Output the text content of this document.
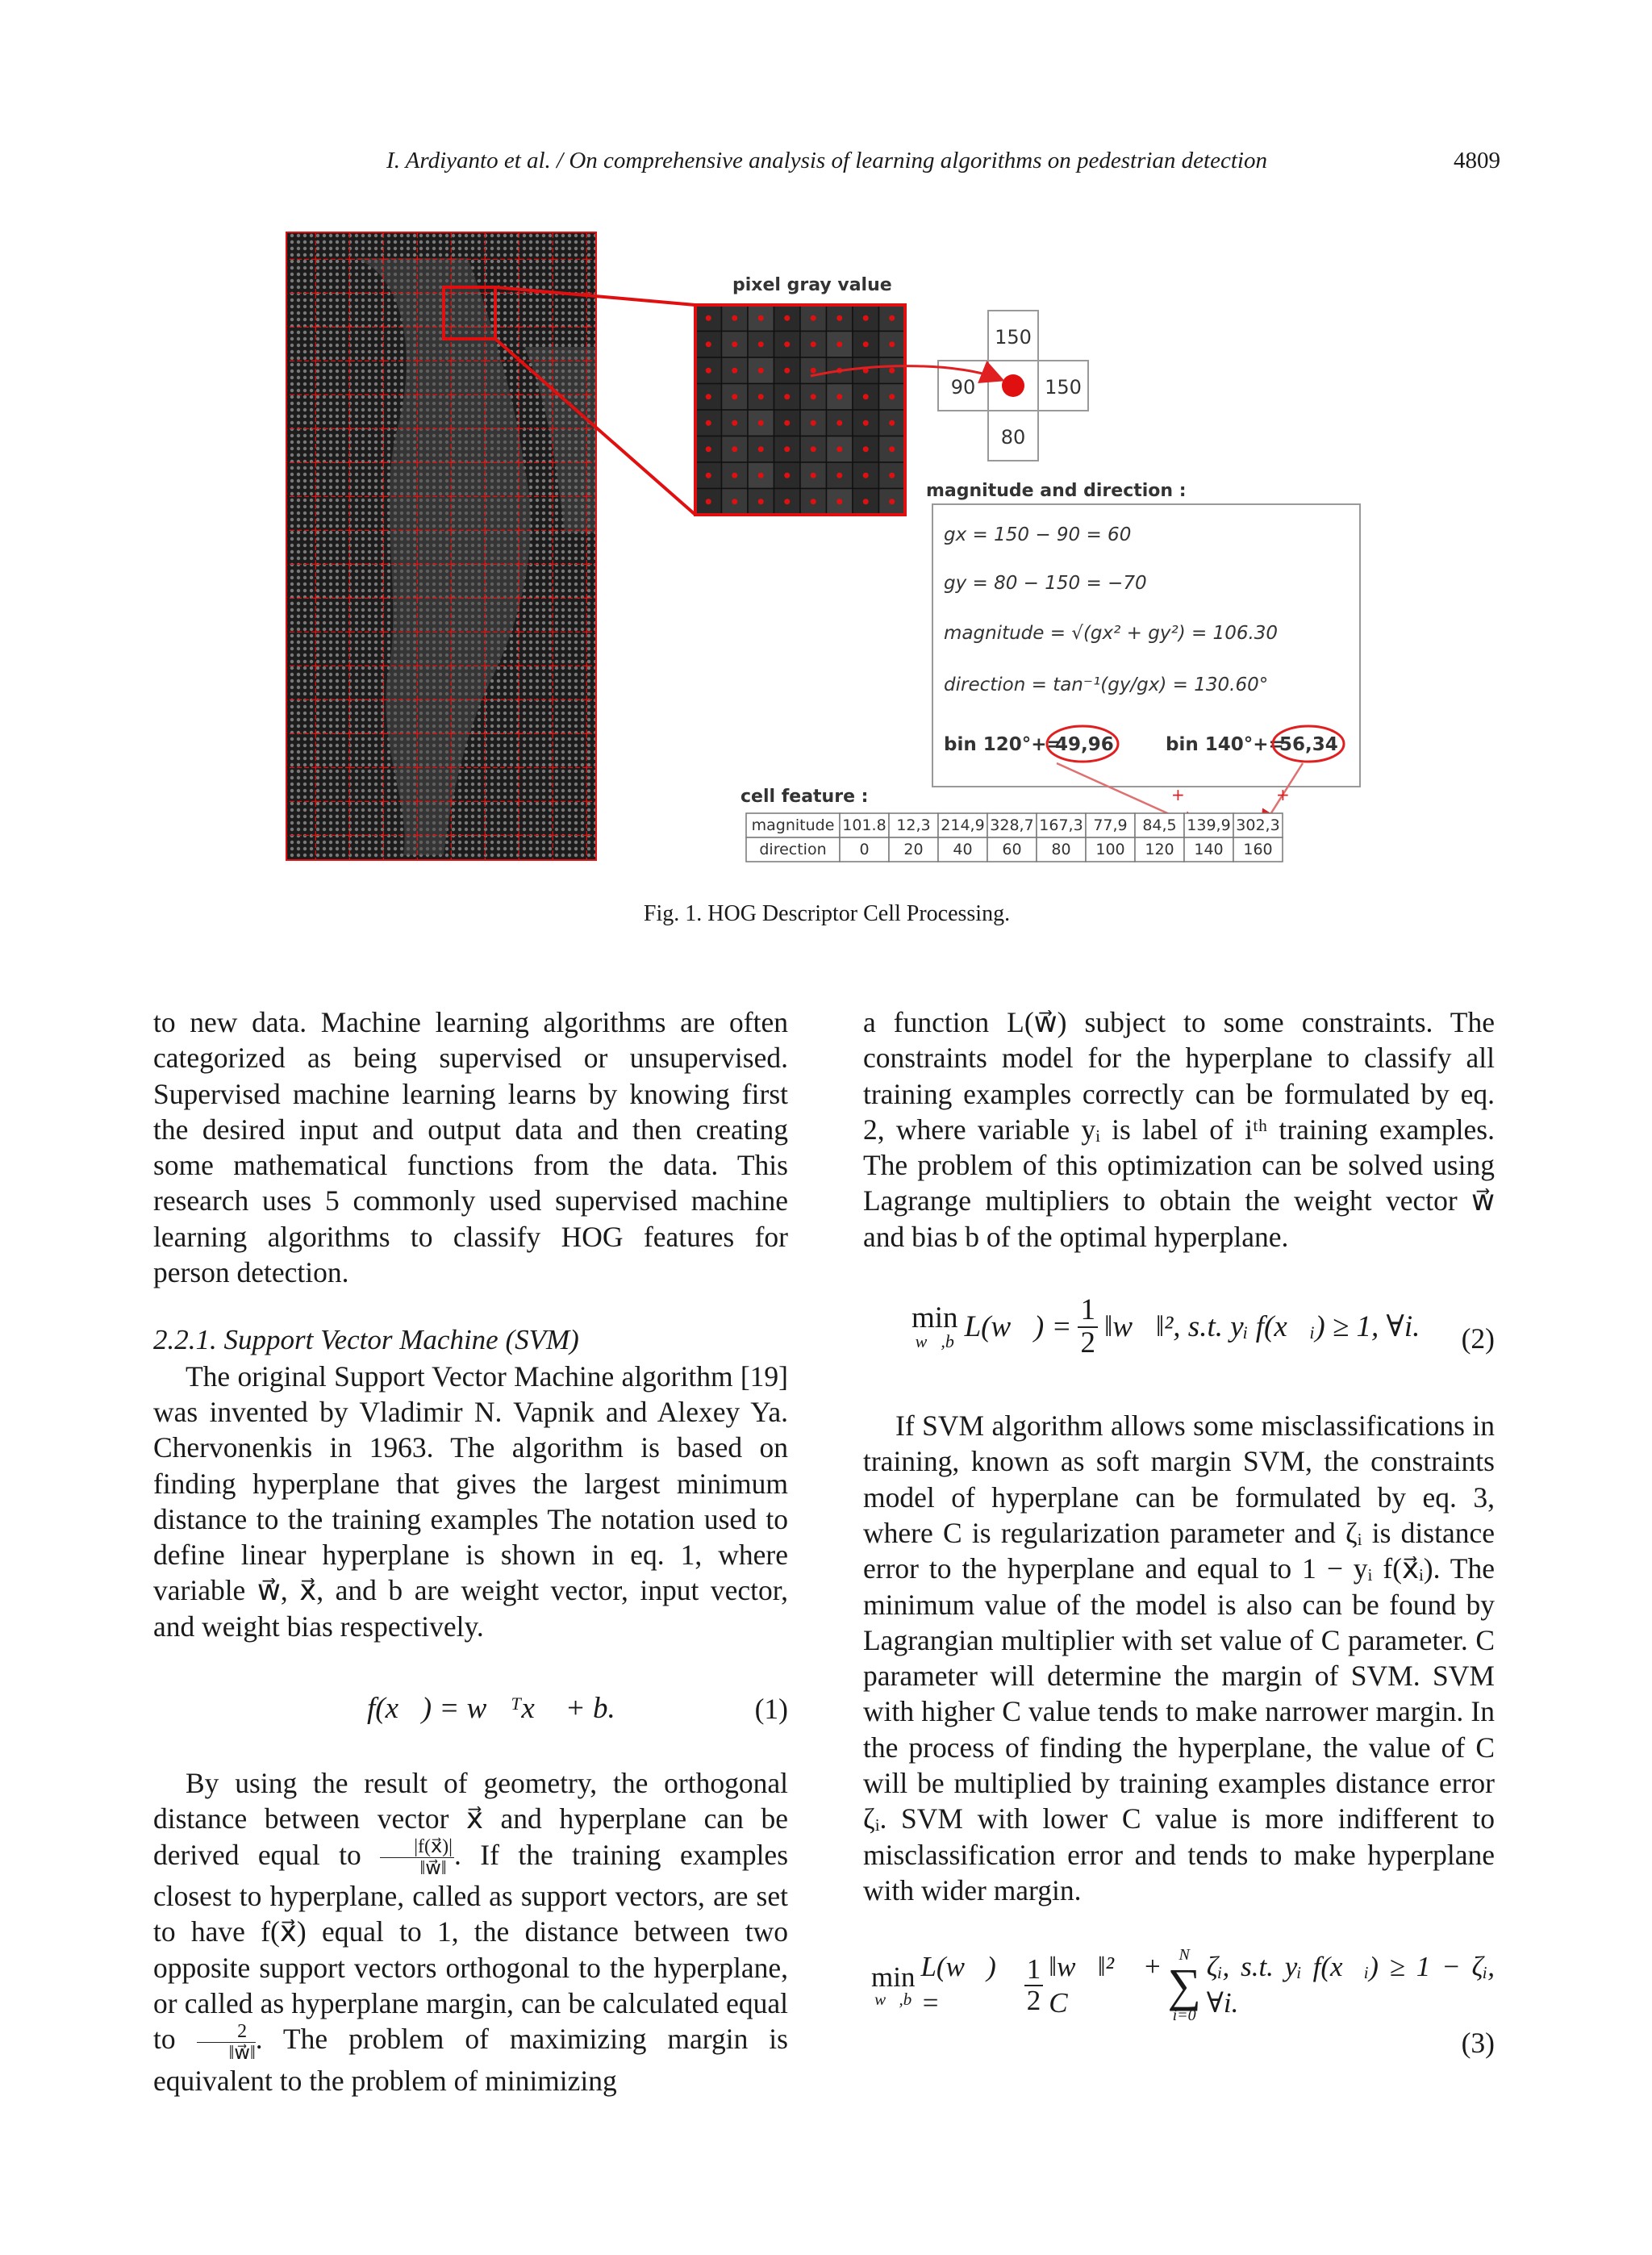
I. Ardiyanto et al. / On comprehensive analysis of learning algorithms on pedestrian detection	4809
pixel gray value
150
90	150
80
magnitude and direction :
gx = 150 − 90 = 60
gy = 80 − 150 = −70
magnitude = √(gx² + gy²) = 106.30
direction = tan⁻¹(gy/gx) = 130.60°
bin 120°+=
49,96	bin 140°+=
56,34
+	+
cell feature :
magnitude 101.8 12,3 214,9 328,7 167,3 77,9 84,5 139,9 302,3
direction 0 20 40 60 80 100 120 140 160
Fig. 1. HOG Descriptor Cell Processing.

to new data. Machine learning algorithms are often categorized as being supervised or unsupervised. Supervised machine learning learns by knowing first the desired input and output data and then creating some mathematical functions from the data. This research uses 5 commonly used supervised machine learning algorithms to classify HOG features for person detection.

2.2.1. Support Vector Machine (SVM)

The original Support Vector Machine algorithm [19] was invented by Vladimir N. Vapnik and Alexey Ya. Chervonenkis in 1963. The algorithm is based on finding hyperplane that gives the largest minimum distance to the training examples The notation used to define linear hyperplane is shown in eq. 1, where variable w⃗, x⃗, and b are weight vector, input vector, and weight bias respectively.

f(x⃗) = w⃗ᵀx⃗ + b.	(1)

By using the result of geometry, the orthogonal distance between vector x⃗ and hyperplane can be derived equal to $\frac{|f(x⃗)|}{‖w⃗‖}$ . If the training examples closest to hyperplane, called as support vectors, are set to have f(x⃗) equal to 1, the distance between two opposite support vectors orthogonal to the hyperplane, or called as hyperplane margin, can be calculated equal to $\frac{2}{‖w⃗‖}$ . The problem of maximizing margin is equivalent to the problem of minimizing

a function L(w⃗) subject to some constraints. The constraints model for the hyperplane to classify all training examples correctly can be formulated by eq. 2, where variable yᵢ is label of iᵗʰ training examples. The problem of this optimization can be solved using Lagrange multipliers to obtain the weight vector w⃗ and bias b of the optimal hyperplane.

min
w⃗,b L(w⃗) = $\frac{1}{2}$ ‖w⃗‖², s.t. yᵢ f(x⃗ᵢ) ≥ 1, ∀i. (2)

If SVM algorithm allows some misclassifications in training, known as soft margin SVM, the constraints model of hyperplane can be formulated by eq. 3, where C is regularization parameter and ζᵢ is distance error to the hyperplane and equal to 1 − yᵢ f(x⃗ᵢ). The minimum value of the model is also can be found by Lagrangian multiplier with set value of C parameter. C parameter will determine the margin of SVM. SVM with higher C value tends to make narrower margin. In the process of finding the hyperplane, the value of C will be multiplied by training examples distance error ζᵢ. SVM with lower C value is more indifferent to misclassification error and tends to make hyperplane with wider margin.

min
w⃗,b
L(w⃗) =	$\frac{1}{2}$ ‖w⃗‖² + C
N
∑
i=0
ζᵢ, s.t. yᵢ f(x⃗ᵢ) ≥ 1 − ζᵢ, ∀i.
(3)
